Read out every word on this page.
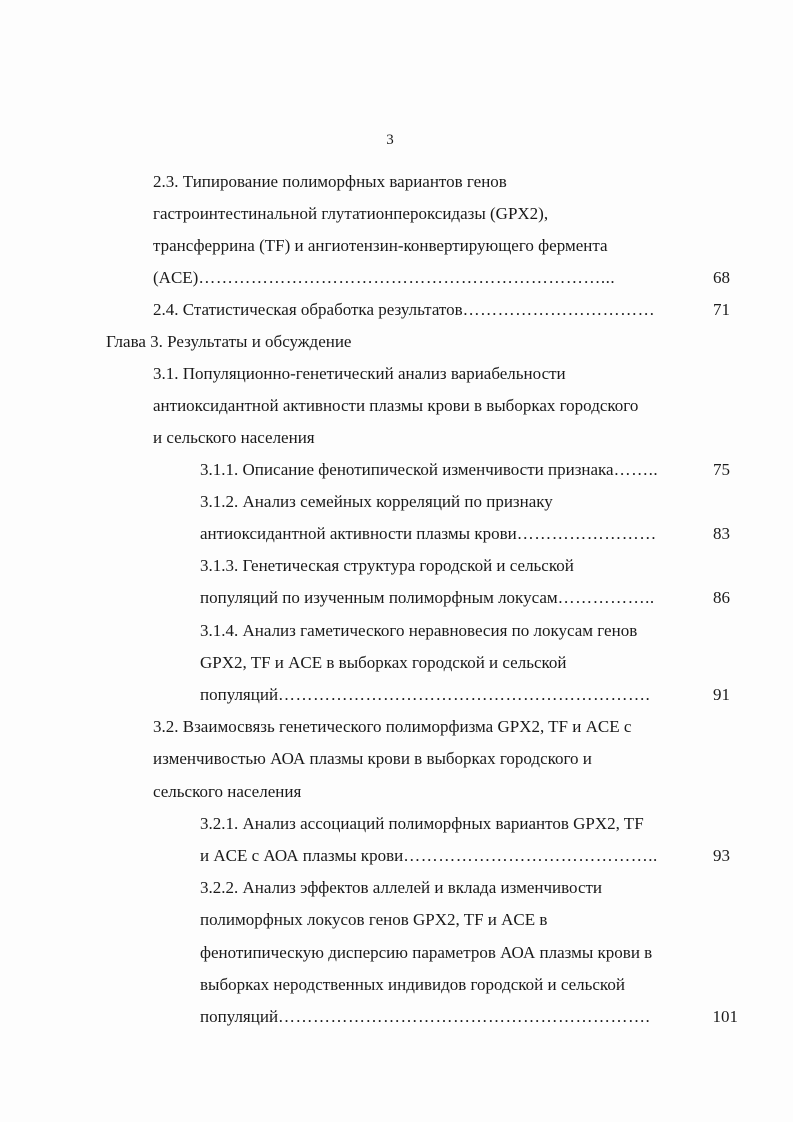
3
2.3. Типирование полиморфных вариантов генов
гастроинтестинальной глутатионпероксидазы (GPX2),
трансферрина (TF) и ангиотензин-конвертирующего фермента
(ACE)……………………………………………………………...	68
2.4. Статистическая обработка результатов……………………………	71
Глава 3. Результаты и обсуждение
3.1. Популяционно-генетический анализ вариабельности
антиоксидантной активности плазмы крови в выборках городского
и сельского населения
3.1.1. Описание фенотипической изменчивости признака……..	75
3.1.2. Анализ семейных корреляций по признаку
антиоксидантной активности плазмы крови……………………	83
3.1.3. Генетическая структура городской и сельской
популяций по изученным полиморфным локусам……………..	86
3.1.4. Анализ гаметического неравновесия по локусам генов
GPX2, TF и ACE в выборках городской и сельской
популяций……………………………………………………….	91
3.2. Взаимосвязь генетического полиморфизма GPX2, TF и ACE с
изменчивостью АОА плазмы крови в выборках городского и
сельского населения
3.2.1. Анализ ассоциаций полиморфных вариантов GPX2, TF
и ACE с АОА плазмы крови……………………………………..	93
3.2.2. Анализ эффектов аллелей и вклада изменчивости
полиморфных локусов генов GPX2, TF и ACE в
фенотипическую дисперсию параметров АОА плазмы крови в
выборках неродственных индивидов городской и сельской
популяций……………………………………………………….	101
